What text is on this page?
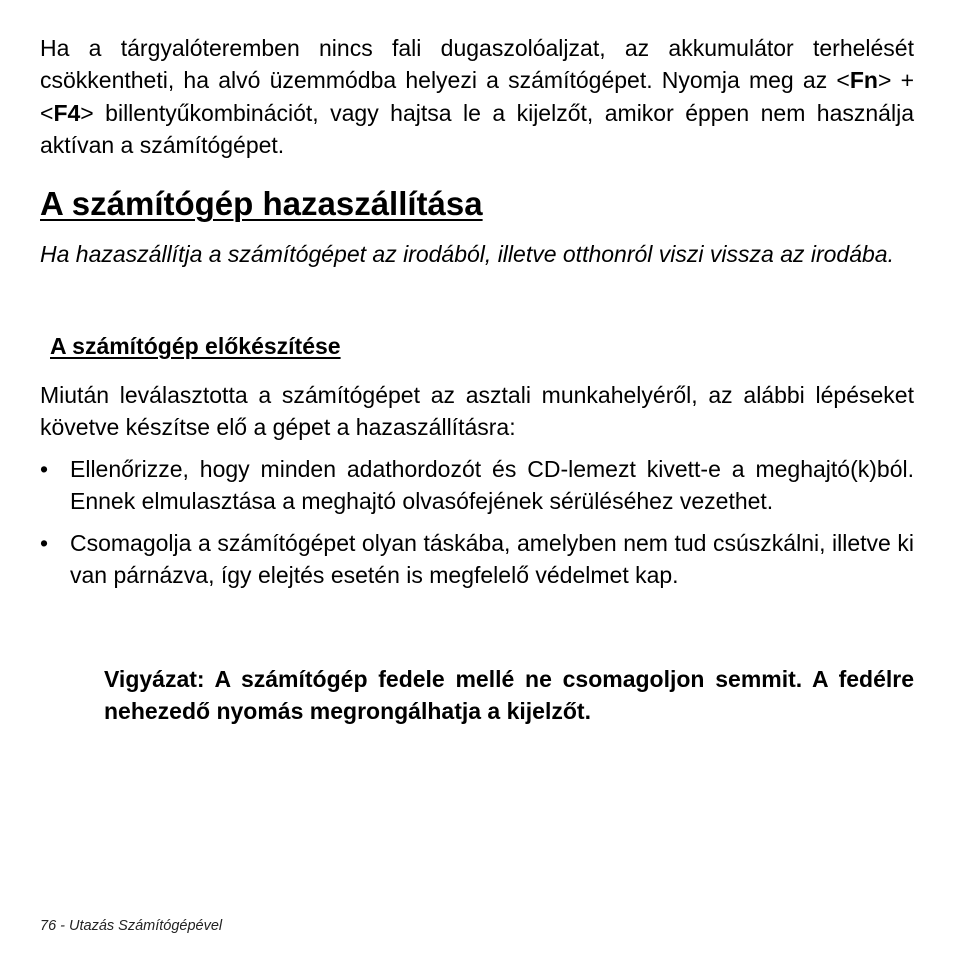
Ha a tárgyalóteremben nincs fali dugaszolóaljzat, az akkumulátor terhelését csökkentheti, ha alvó üzemmódba helyezi a számítógépet. Nyomja meg az <Fn> + <F4> billentyűkombinációt, vagy hajtsa le a kijelzőt, amikor éppen nem használja aktívan a számítógépet.

A számítógép hazaszállítása

Ha hazaszállítja a számítógépet az irodából, illetve otthonról viszi vissza az irodába.

A számítógép előkészítése

Miután leválasztotta a számítógépet az asztali munkahelyéről, az alábbi lépéseket követve készítse elő a gépet a hazaszállításra:

• Ellenőrizze, hogy minden adathordozót és CD-lemezt kivett-e a meghajtó(k)ból. Ennek elmulasztása a meghajtó olvasófejének sérüléséhez vezethet.

• Csomagolja a számítógépet olyan táskába, amelyben nem tud csúszkálni, illetve ki van párnázva, így elejtés esetén is megfelelő védelmet kap.

Vigyázat: A számítógép fedele mellé ne csomagoljon semmit. A fedélre nehezedő nyomás megrongálhatja a kijelzőt.

76 - Utazás Számítógépével
